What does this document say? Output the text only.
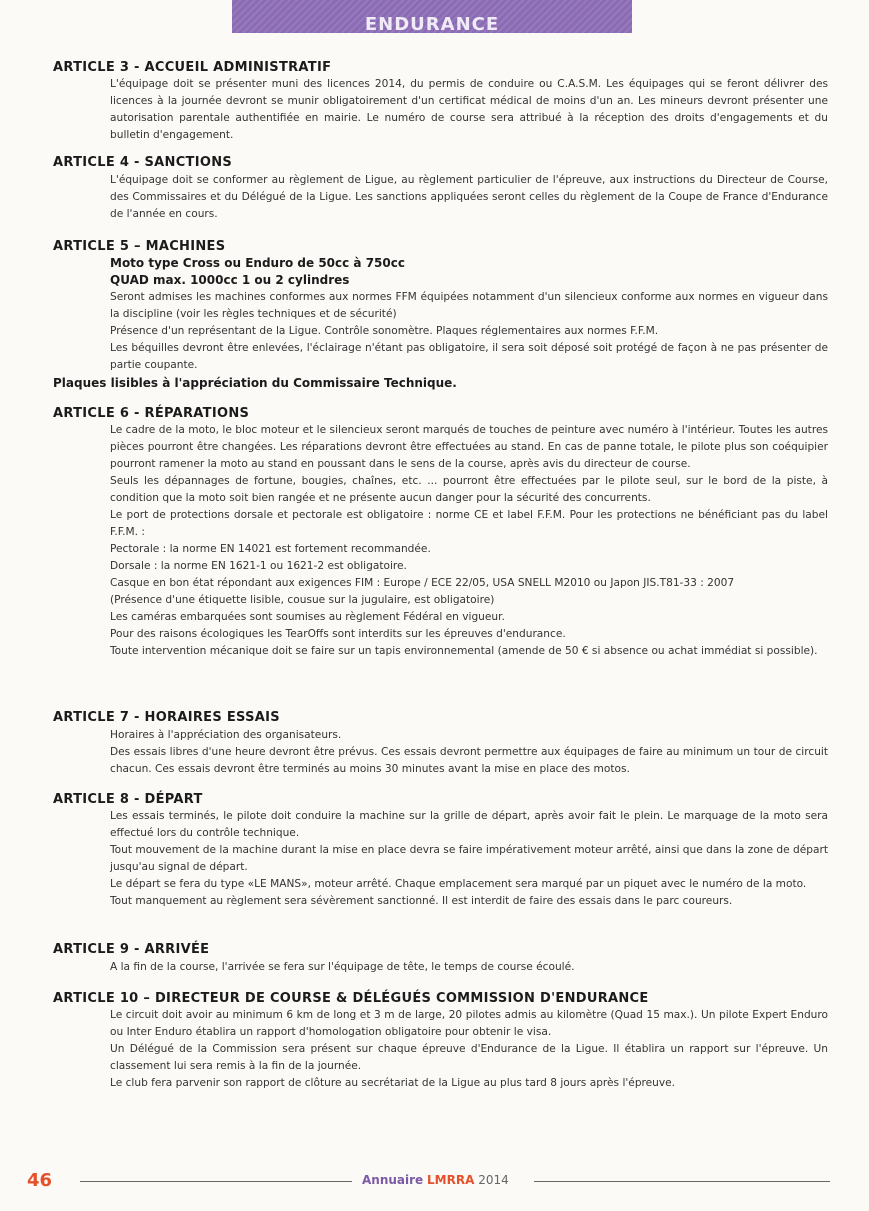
ENDURANCE
ARTICLE 3 - ACCUEIL ADMINISTRATIF

L'équipage doit se présenter muni des licences 2014, du permis de conduire ou C.A.S.M. Les équipages qui se feront délivrer des licences à la journée devront se munir obligatoirement d'un certificat médical de moins d'un an. Les mineurs devront présenter une autorisation parentale authentifiée en mairie. Le numéro de course sera attribué à la réception des droits d'engagements et du bulletin d'engagement.

ARTICLE 4 - SANCTIONS

L'équipage doit se conformer au règlement de Ligue, au règlement particulier de l'épreuve, aux instructions du Directeur de Course, des Commissaires et du Délégué de la Ligue. Les sanctions appliquées seront celles du règlement de la Coupe de France d'Endurance de l'année en cours.

ARTICLE 5 – MACHINES

Moto type Cross ou Enduro de 50cc à 750cc

QUAD max. 1000cc 1 ou 2 cylindres

Seront admises les machines conformes aux normes FFM équipées notamment d'un silencieux conforme aux normes en vigueur dans la discipline (voir les règles techniques et de sécurité)

Présence d'un représentant de la Ligue. Contrôle sonomètre. Plaques réglementaires aux normes F.F.M.

Les béquilles devront être enlevées, l'éclairage n'étant pas obligatoire, il sera soit déposé soit protégé de façon à ne pas présenter de partie coupante.

Plaques lisibles à l'appréciation du Commissaire Technique.
ARTICLE 6 - RÉPARATIONS

Le cadre de la moto, le bloc moteur et le silencieux seront marqués de touches de peinture avec numéro à l'intérieur. Toutes les autres pièces pourront être changées. Les réparations devront être effectuées au stand. En cas de panne totale, le pilote plus son coéquipier pourront ramener la moto au stand en poussant dans le sens de la course, après avis du directeur de course.

Seuls les dépannages de fortune, bougies, chaînes, etc. ... pourront être effectuées par le pilote seul, sur le bord de la piste, à condition que la moto soit bien rangée et ne présente aucun danger pour la sécurité des concurrents.

Le port de protections dorsale et pectorale est obligatoire : norme CE et label F.F.M. Pour les protections ne bénéficiant pas du label F.F.M. :

Pectorale : la norme EN 14021 est fortement recommandée.

Dorsale : la norme EN 1621-1 ou 1621-2 est obligatoire.

Casque en bon état répondant aux exigences FIM : Europe / ECE 22/05, USA SNELL M2010 ou Japon JIS.T81-33 : 2007

(Présence d'une étiquette lisible, cousue sur la jugulaire, est obligatoire)

Les caméras embarquées sont soumises au règlement Fédéral en vigueur.

Pour des raisons écologiques les TearOffs sont interdits sur les épreuves d'endurance.

Toute intervention mécanique doit se faire sur un tapis environnemental (amende de 50 € si absence ou achat immédiat si possible).

ARTICLE 7 - HORAIRES ESSAIS

Horaires à l'appréciation des organisateurs.

Des essais libres d'une heure devront être prévus. Ces essais devront permettre aux équipages de faire au minimum un tour de circuit chacun. Ces essais devront être terminés au moins 30 minutes avant la mise en place des motos.

ARTICLE 8 - DÉPART

Les essais terminés, le pilote doit conduire la machine sur la grille de départ, après avoir fait le plein. Le marquage de la moto sera effectué lors du contrôle technique.

Tout mouvement de la machine durant la mise en place devra se faire impérativement moteur arrêté, ainsi que dans la zone de départ jusqu'au signal de départ.

Le départ se fera du type «LE MANS», moteur arrêté. Chaque emplacement sera marqué par un piquet avec le numéro de la moto.

Tout manquement au règlement sera sévèrement sanctionné. Il est interdit de faire des essais dans le parc coureurs.

ARTICLE 9 - ARRIVÉE

A la fin de la course, l'arrivée se fera sur l'équipage de tête, le temps de course écoulé.

ARTICLE 10 – DIRECTEUR DE COURSE & DÉLÉGUÉS COMMISSION D'ENDURANCE

Le circuit doit avoir au minimum 6 km de long et 3 m de large, 20 pilotes admis au kilomètre (Quad 15 max.). Un pilote Expert Enduro ou Inter Enduro établira un rapport d'homologation obligatoire pour obtenir le visa.

Un Délégué de la Commission sera présent sur chaque épreuve d'Endurance de la Ligue. Il établira un rapport sur l'épreuve. Un classement lui sera remis à la fin de la journée.

Le club fera parvenir son rapport de clôture au secrétariat de la Ligue au plus tard 8 jours après l'épreuve.

46	Annuaire LMRRA 2014
